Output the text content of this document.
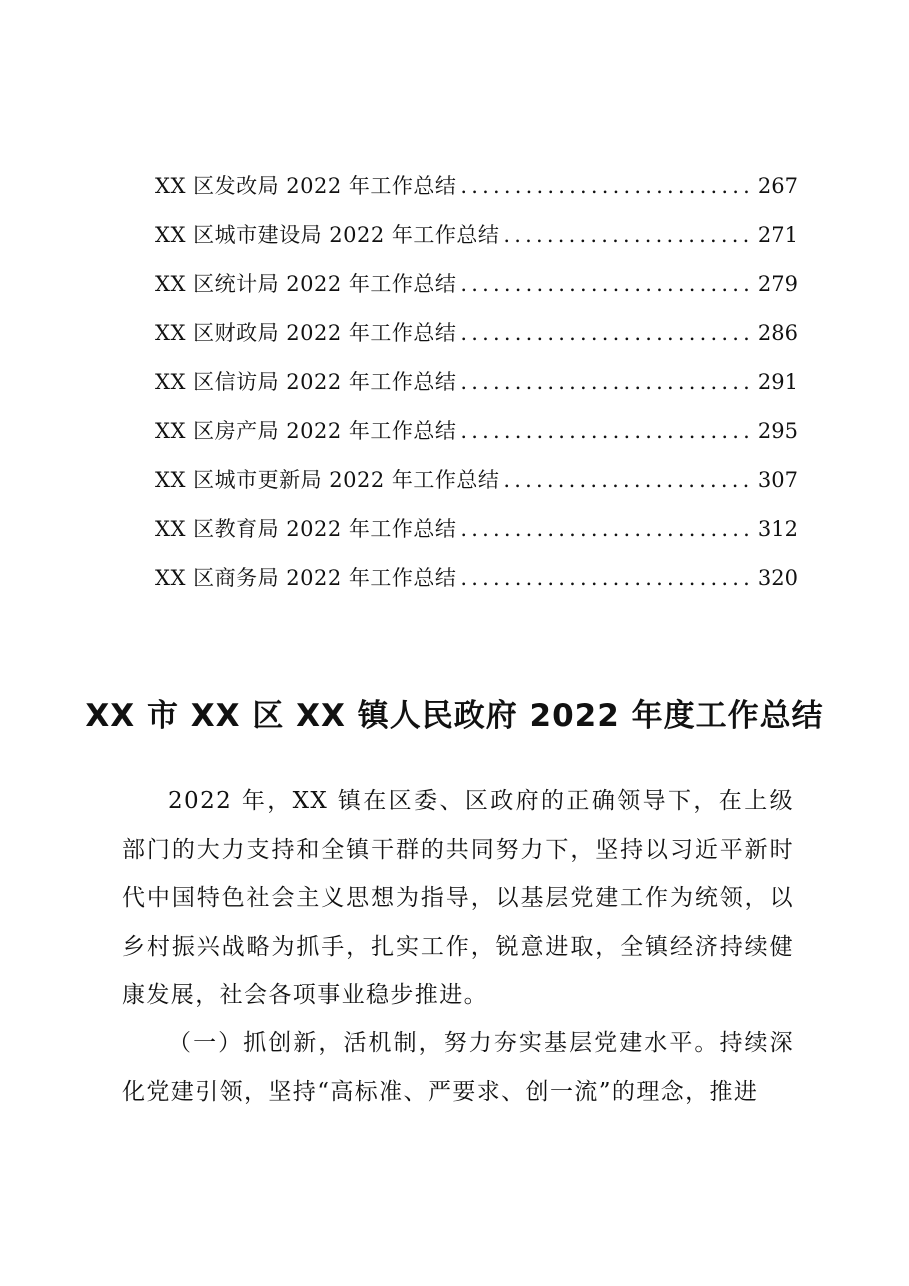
XX 区发改局 2022 年工作总结 .....	267
XX 区城市建设局 2022 年工作总结 .....	271
XX 区统计局 2022 年工作总结 .....	279
XX 区财政局 2022 年工作总结 .....	286
XX 区信访局 2022 年工作总结 .....	291
XX 区房产局 2022 年工作总结 .....	295
XX 区城市更新局 2022 年工作总结 .....	307
XX 区教育局 2022 年工作总结 .....	312
XX 区商务局 2022 年工作总结 .....	320
XX 市 XX 区 XX 镇人民政府 2022 年度工作总结

2022 年，XX 镇在区委、区政府的正确领导下，在上级部门的大力支持和全镇干群的共同努力下，坚持以习近平新时代中国特色社会主义思想为指导，以基层党建工作为统领，以乡村振兴战略为抓手，扎实工作，锐意进取，全镇经济持续健康发展，社会各项事业稳步推进。

（一）抓创新，活机制，努力夯实基层党建水平。持续深化党建引领，坚持“高标准、严要求、创一流”的理念，推进
